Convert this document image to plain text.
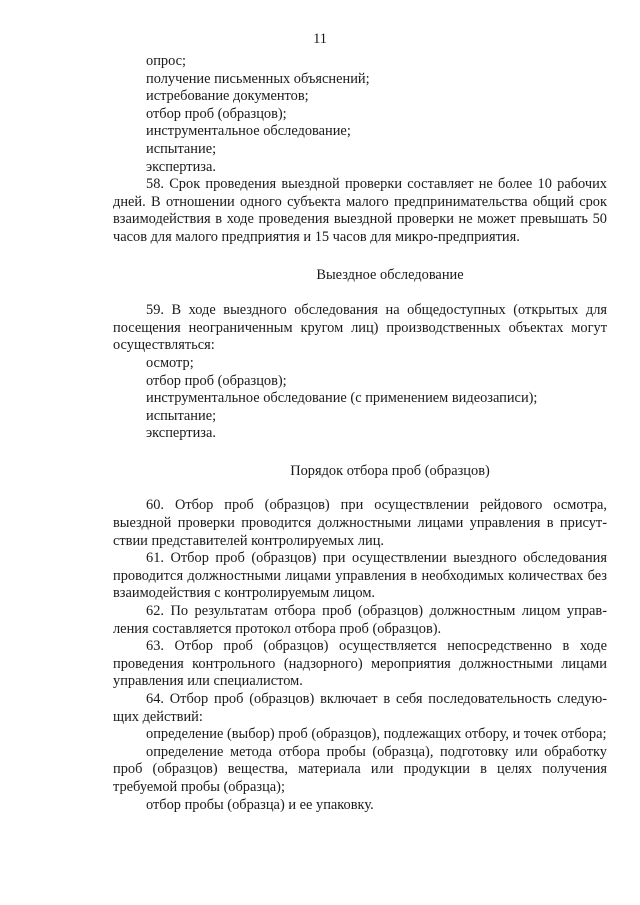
11
опрос;
получение письменных объяснений;
истребование документов;
отбор проб (образцов);
инструментальное обследование;
испытание;
экспертиза.
58. Срок проведения выездной проверки составляет не более 10 рабочих дней. В отношении одного субъекта малого предпринимательства общий срок взаимодействия в ходе проведения выездной проверки не может превышать 50 часов для малого предприятия и 15 часов для микро-предприятия.
Выездное обследование
59. В ходе выездного обследования на общедоступных (открытых для посещения неограниченным кругом лиц) производственных объектах могут осуществляться:
осмотр;
отбор проб (образцов);
инструментальное обследование (с применением видеозаписи);
испытание;
экспертиза.
Порядок отбора проб (образцов)
60. Отбор проб (образцов) при осуществлении рейдового осмотра, выездной проверки проводится должностными лицами управления в присут-ствии представителей контролируемых лиц.
61. Отбор проб (образцов) при осуществлении выездного обследования проводится должностными лицами управления в необходимых количествах без взаимодействия с контролируемым лицом.
62. По результатам отбора проб (образцов) должностным лицом управ-ления составляется протокол отбора проб (образцов).
63. Отбор проб (образцов) осуществляется непосредственно в ходе проведения контрольного (надзорного) мероприятия должностными лицами управления или специалистом.
64. Отбор проб (образцов) включает в себя последовательность следую-щих действий:
определение (выбор) проб (образцов), подлежащих отбору, и точек отбора;
определение метода отбора пробы (образца), подготовку или обработку проб (образцов) вещества, материала или продукции в целях получения требуемой пробы (образца);
отбор пробы (образца) и ее упаковку.
